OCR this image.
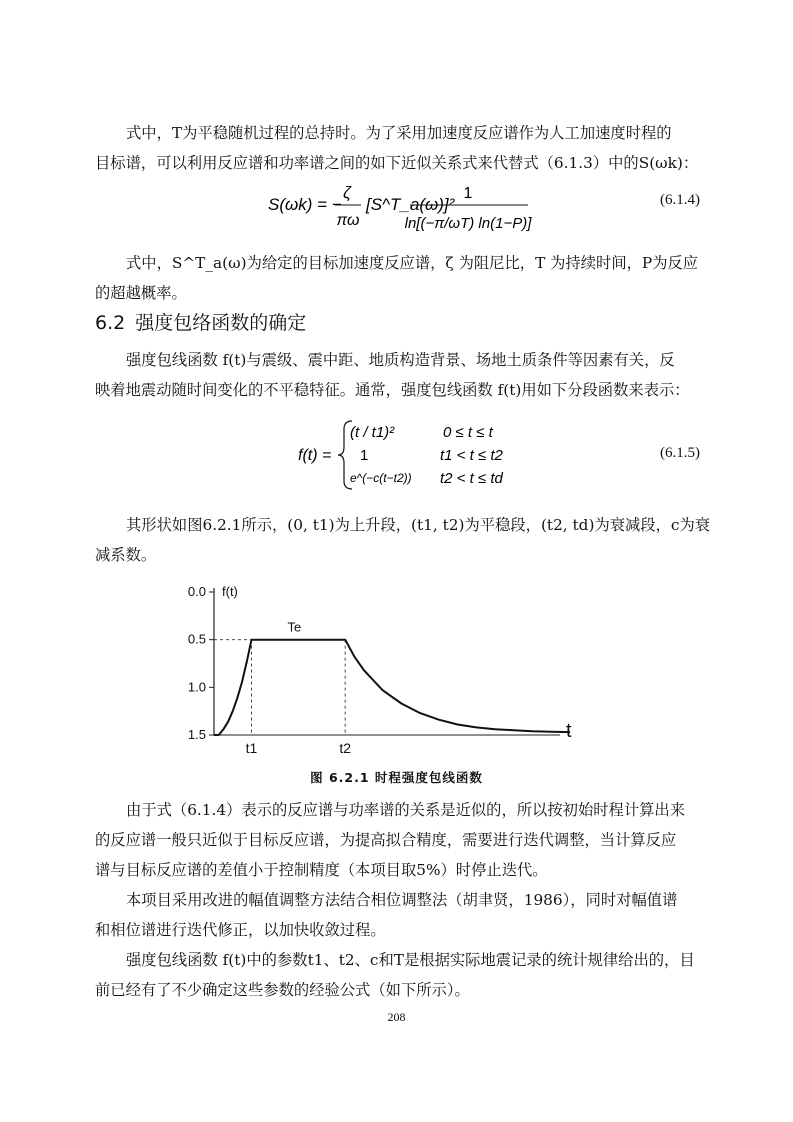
式中，T为平稳随机过程的总持时。为了采用加速度反应谱作为人工加速度时程的
目标谱，可以利用反应谱和功率谱之间的如下近似关系式来代替式（6.1.3）中的S(ωk)：
S(ωk) = −
ζ
πω
[S^T_a(ω)]²
1
ln[(−π/ωT) ln(1−P)]
(6.1.4)
式中，S^T_a(ω)为给定的目标加速度反应谱，ζ 为阻尼比，T 为持续时间，P为反应
的超越概率。
6.2 强度包络函数的确定
强度包线函数 f(t)与震级、震中距、地质构造背景、场地土质条件等因素有关，反
映着地震动随时间变化的不平稳特征。通常，强度包线函数 f(t)用如下分段函数来表示：
f(t) =
(t / t1)²	0 ≤ t ≤ t
1	t1 < t ≤ t2
e^(−c(t−t2)) t2 < t ≤ td
(6.1.5)
其形状如图6.2.1所示，(0, t1)为上升段，(t1, t2)为平稳段，(t2, td)为衰减段，c为衰
减系数。
1.5
1.0
0.5
0.0 f(t)
t
t1	t2
Te
图 6.2.1 时程强度包线函数
由于式（6.1.4）表示的反应谱与功率谱的关系是近似的，所以按初始时程计算出来
的反应谱一般只近似于目标反应谱，为提高拟合精度，需要进行迭代调整，当计算反应
谱与目标反应谱的差值小于控制精度（本项目取5%）时停止迭代。
本项目采用改进的幅值调整方法结合相位调整法（胡聿贤，1986），同时对幅值谱
和相位谱进行迭代修正，以加快收敛过程。
强度包线函数 f(t)中的参数t1、t2、c和T是根据实际地震记录的统计规律给出的，目
前已经有了不少确定这些参数的经验公式（如下所示）。
208
